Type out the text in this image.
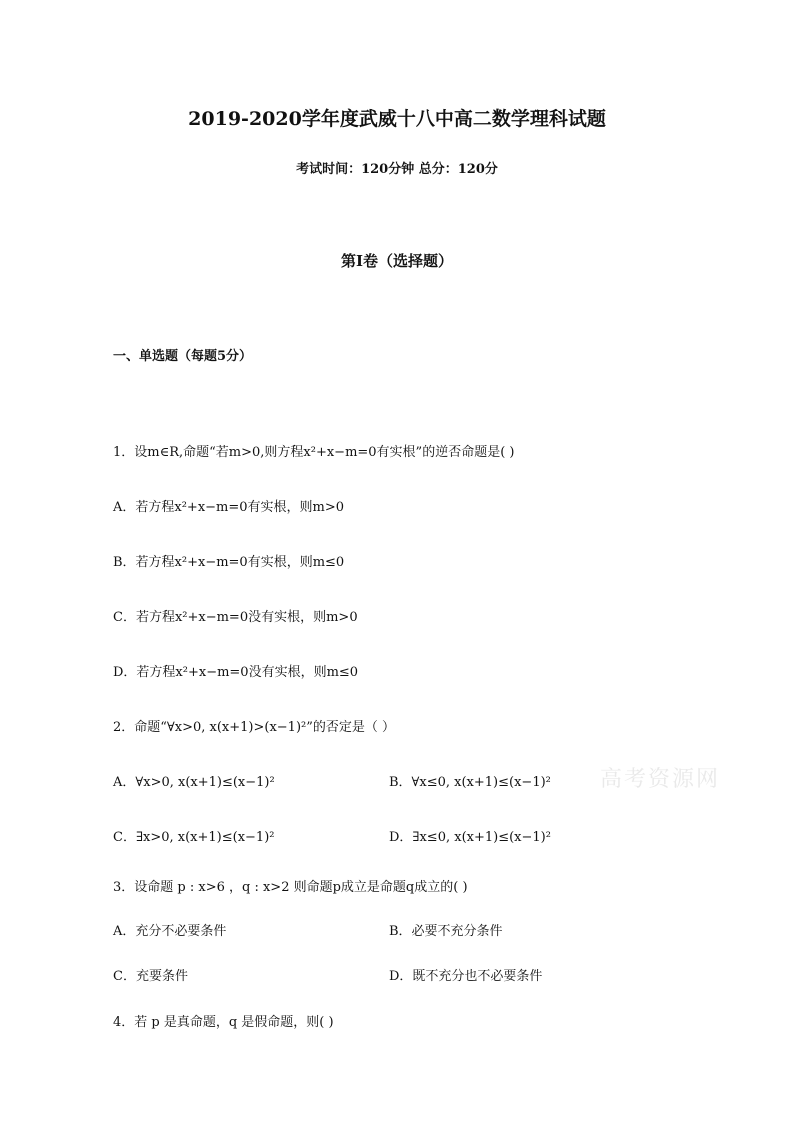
2019-2020学年度武威十八中高二数学理科试题
考试时间：120分钟 总分：120分
第I卷（选择题）
一、单选题（每题5分）
1．设m∈R,命题“若m>0,则方程x²+x−m=0有实根”的逆否命题是( )
A．若方程x²+x−m=0有实根，则m>0
B．若方程x²+x−m=0有实根，则m≤0
C．若方程x²+x−m=0没有实根，则m>0
D．若方程x²+x−m=0没有实根，则m≤0
2．命题“∀x>0, x(x+1)>(x−1)²”的否定是（ ）
A．∀x>0, x(x+1)≤(x−1)²	B．∀x≤0, x(x+1)≤(x−1)²
C．∃x>0, x(x+1)≤(x−1)²	D．∃x≤0, x(x+1)≤(x−1)²
3．设命题 p : x>6 ，q : x>2 则命题p成立是命题q成立的( )
A．充分不必要条件	B．必要不充分条件
C．充要条件	D．既不充分也不必要条件
4．若 p 是真命题，q 是假命题，则( )
高考资源网
